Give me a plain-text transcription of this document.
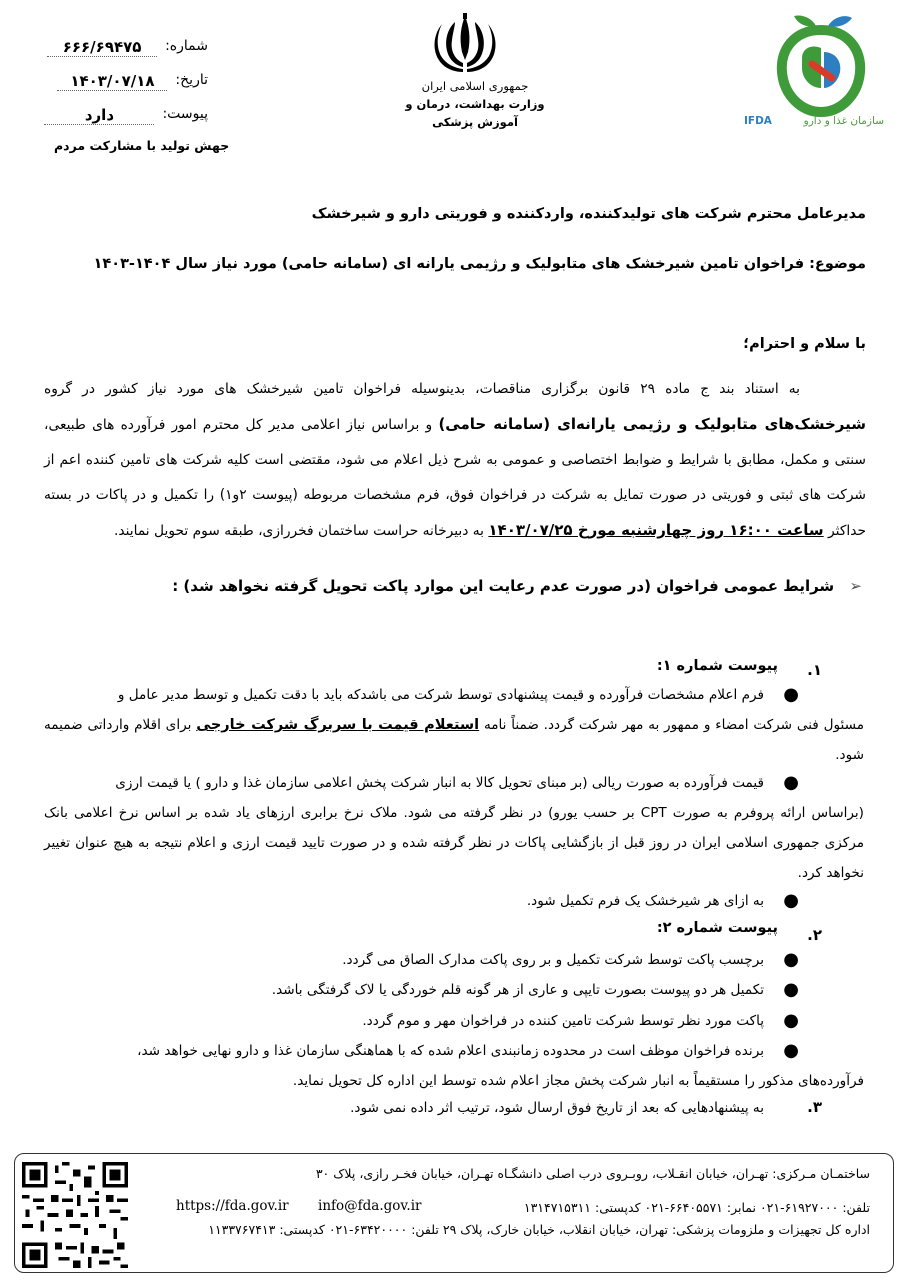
شماره:
۶۶۶/۶۹۴۷۵
تاریخ:
۱۴۰۳/۰۷/۱۸
پیوست:
دارد
جهش تولید با مشارکت مردم
جمهوری اسلامی ایران
وزارت بهداشت، درمان و آموزش پزشکی	IFDA	سازمان غذا و دارو
مدیرعامل محترم شرکت های تولیدکننده، واردکننده و فوریتی دارو و شیرخشک
موضوع: فراخوان تامین شیرخشک های متابولیک و رژیمی یارانه ای (سامانه حامی) مورد نیاز سال ۱۴۰۴-۱۴۰۳
با سلام و احترام؛
به استناد بند ج ماده ۲۹ قانون برگزاری مناقصات، بدینوسیله فراخوان تامین شیرخشک های مورد نیاز کشور در گروه شیرخشک‌های متابولیک و رژیمی یارانه‌ای (سامانه حامی) و براساس نیاز اعلامی مدیر کل محترم امور فرآورده های طبیعی، سنتی و مکمل، مطابق با شرایط و ضوابط اختصاصی و عمومی به شرح ذیل اعلام می شود، مقتضی است کلیه شرکت های تامین کننده اعم از شرکت های ثبتی و فوریتی در صورت تمایل به شرکت در فراخوان فوق، فرم مشخصات مربوطه (پیوست ۲و۱) را تکمیل و در پاکات در بسته حداکثر ساعت ۱۶:۰۰ روز چهارشنبه مورخ ۱۴۰۳/۰۷/۲۵ به دبیرخانه حراست ساختمان فخررازی، طبقه سوم تحویل نمایند.
➢ شرایط عمومی فراخوان (در صورت عدم رعایت این موارد پاکت تحویل گرفته نخواهد شد) :
۱.
پیوست شماره ۱:
●
فرم اعلام مشخصات فرآورده و قیمت پیشنهادی توسط شرکت می باشدکه باید با دقت تکمیل و توسط مدیر عامل و
مسئول فنی شرکت امضاء و ممهور به مهر شرکت گردد. ضمناً نامه استعلام قیمت با سربرگ شرکت خارجی برای اقلام وارداتی ضمیمه شود.
●
قیمت فرآورده به صورت ریالی (بر مبنای تحویل کالا به انبار شرکت پخش اعلامی سازمان غذا و دارو ) یا قیمت ارزی
(براساس ارائه پروفرم به صورت CPT بر حسب یورو) در نظر گرفته می شود. ملاک نرخ برابری ارزهای یاد شده بر اساس نرخ اعلامی بانک مرکزی جمهوری اسلامی ایران در روز قبل از بازگشایی پاکات در نظر گرفته شده و در صورت تایید قیمت ارزی و اعلام نتیجه به هیچ عنوان تغییر نخواهد کرد.
●
به ازای هر شیرخشک یک فرم تکمیل شود.
۲.
پیوست شماره ۲:
●
برچسب پاکت توسط شرکت تکمیل و بر روی پاکت مدارک الصاق می گردد.
●
تکمیل هر دو پیوست بصورت تایپی و عاری از هر گونه قلم خوردگی یا لاک گرفتگی باشد.
●
پاکت مورد نظر توسط شرکت تامین کننده در فراخوان مهر و موم گردد.
●
برنده فراخوان موظف است در محدوده زمانبندی اعلام شده که با هماهنگی سازمان غذا و دارو نهایی خواهد شد،
فرآورده‌های مذکور را مستقیماً به انبار شرکت پخش مجاز اعلام شده توسط این اداره کل تحویل نماید.
۳.
به پیشنهادهایی که بعد از تاریخ فوق ارسال شود، ترتیب اثر داده نمی شود.
ساختمـان مـرکزی: تهـران، خیابان انقـلاب، روبـروی درب اصلی دانشگـاه تهـران، خیابان فخـر رازی، پلاک ۳۰
تلفن: ۶۱۹۲۷۰۰۰-۰۲۱ نمابر: ۶۶۴۰۵۵۷۱-۰۲۱ کدپستی: ۱۳۱۴۷۱۵۳۱۱
info@fda.gov.ir
https://fda.gov.ir
اداره کل تجهیزات و ملزومات پزشکی: تهران، خیابان انقلاب، خیابان خارک، پلاک ۲۹ تلفن: ۶۳۴۲۰۰۰۰-۰۲۱ کدپستی: ۱۱۳۳۷۶۷۴۱۳
